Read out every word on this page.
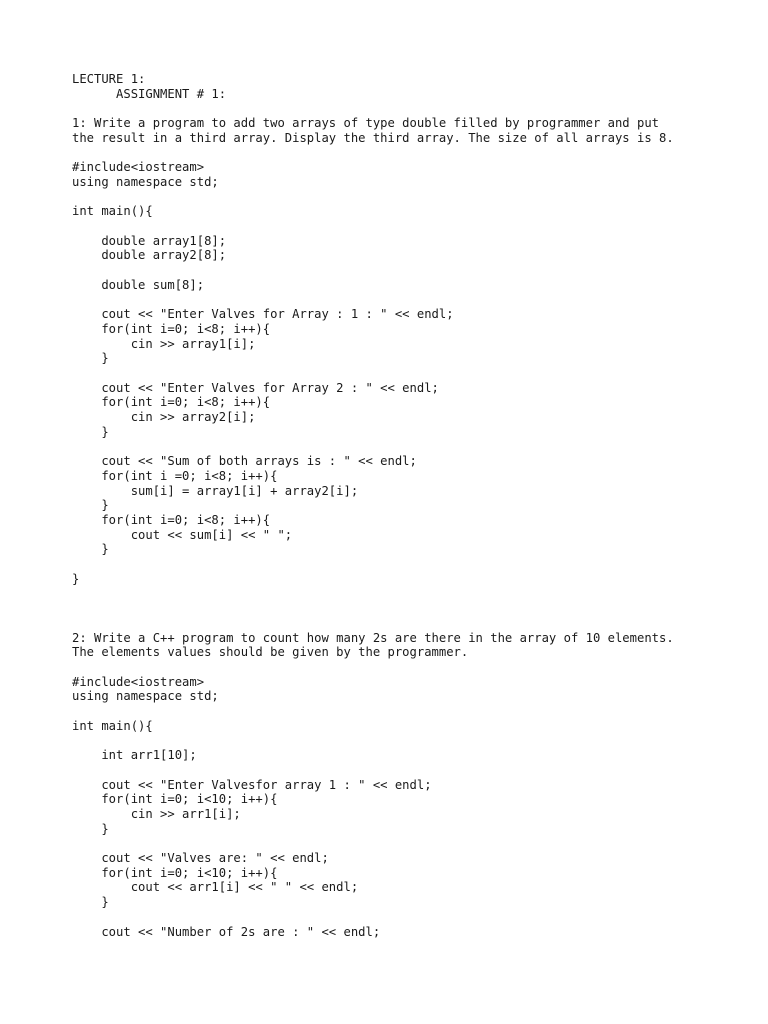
LECTURE 1:
ASSIGNMENT # 1:
1: Write a program to add two arrays of type double filled by programmer and put
the result in a third array. Display the third array. The size of all arrays is 8.
#include<iostream>
using namespace std;
int main(){
double array1[8];
double array2[8];
double sum[8];
cout << "Enter Valves for Array : 1 : " << endl;
for(int i=0; i<8; i++){
cin >> array1[i];
}
cout << "Enter Valves for Array 2 : " << endl;
for(int i=0; i<8; i++){
cin >> array2[i];
}
cout << "Sum of both arrays is : " << endl;
for(int i =0; i<8; i++){
sum[i] = array1[i] + array2[i];
}
for(int i=0; i<8; i++){
cout << sum[i] << " ";
}
}
2: Write a C++ program to count how many 2s are there in the array of 10 elements.
The elements values should be given by the programmer.
#include<iostream>
using namespace std;
int main(){
int arr1[10];
cout << "Enter Valvesfor array 1 : " << endl;
for(int i=0; i<10; i++){
cin >> arr1[i];
}
cout << "Valves are: " << endl;
for(int i=0; i<10; i++){
cout << arr1[i] << " " << endl;
}
cout << "Number of 2s are : " << endl;
